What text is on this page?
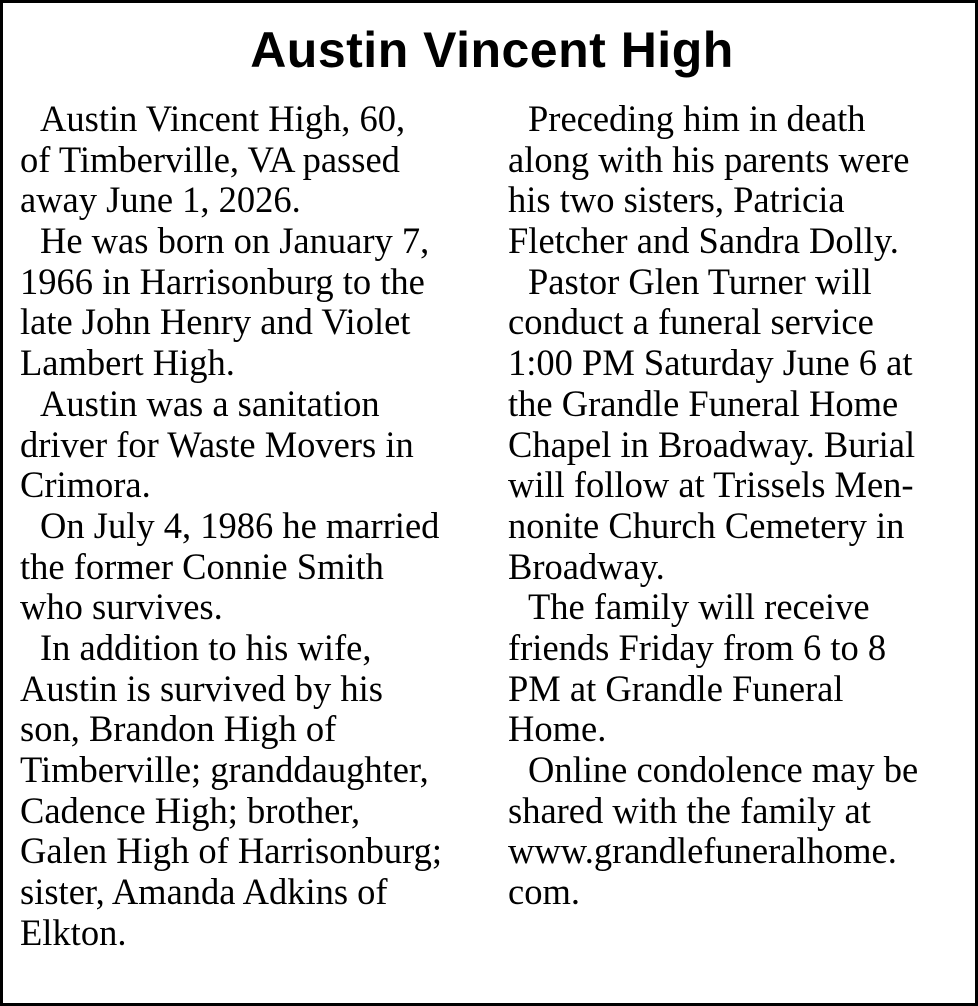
Austin Vincent High
Austin Vincent High, 60,
of Timberville, VA passed
away June 1, 2026.
He was born on January 7,
1966 in Harrisonburg to the
late John Henry and Violet
Lambert High.
Austin was a sanitation
driver for Waste Movers in
Crimora.
On July 4, 1986 he married
the former Connie Smith
who survives.
In addition to his wife,
Austin is survived by his
son, Brandon High of
Timberville; granddaughter,
Cadence High; brother,
Galen High of Harrisonburg;
sister, Amanda Adkins of
Elkton.
Preceding him in death
along with his parents were
his two sisters, Patricia
Fletcher and Sandra Dolly.
Pastor Glen Turner will
conduct a funeral service
1:00 PM Saturday June 6 at
the Grandle Funeral Home
Chapel in Broadway. Burial
will follow at Trissels Men-
nonite Church Cemetery in
Broadway.
The family will receive
friends Friday from 6 to 8
PM at Grandle Funeral
Home.
Online condolence may be
shared with the family at
www.grandlefuneralhome.
com.
